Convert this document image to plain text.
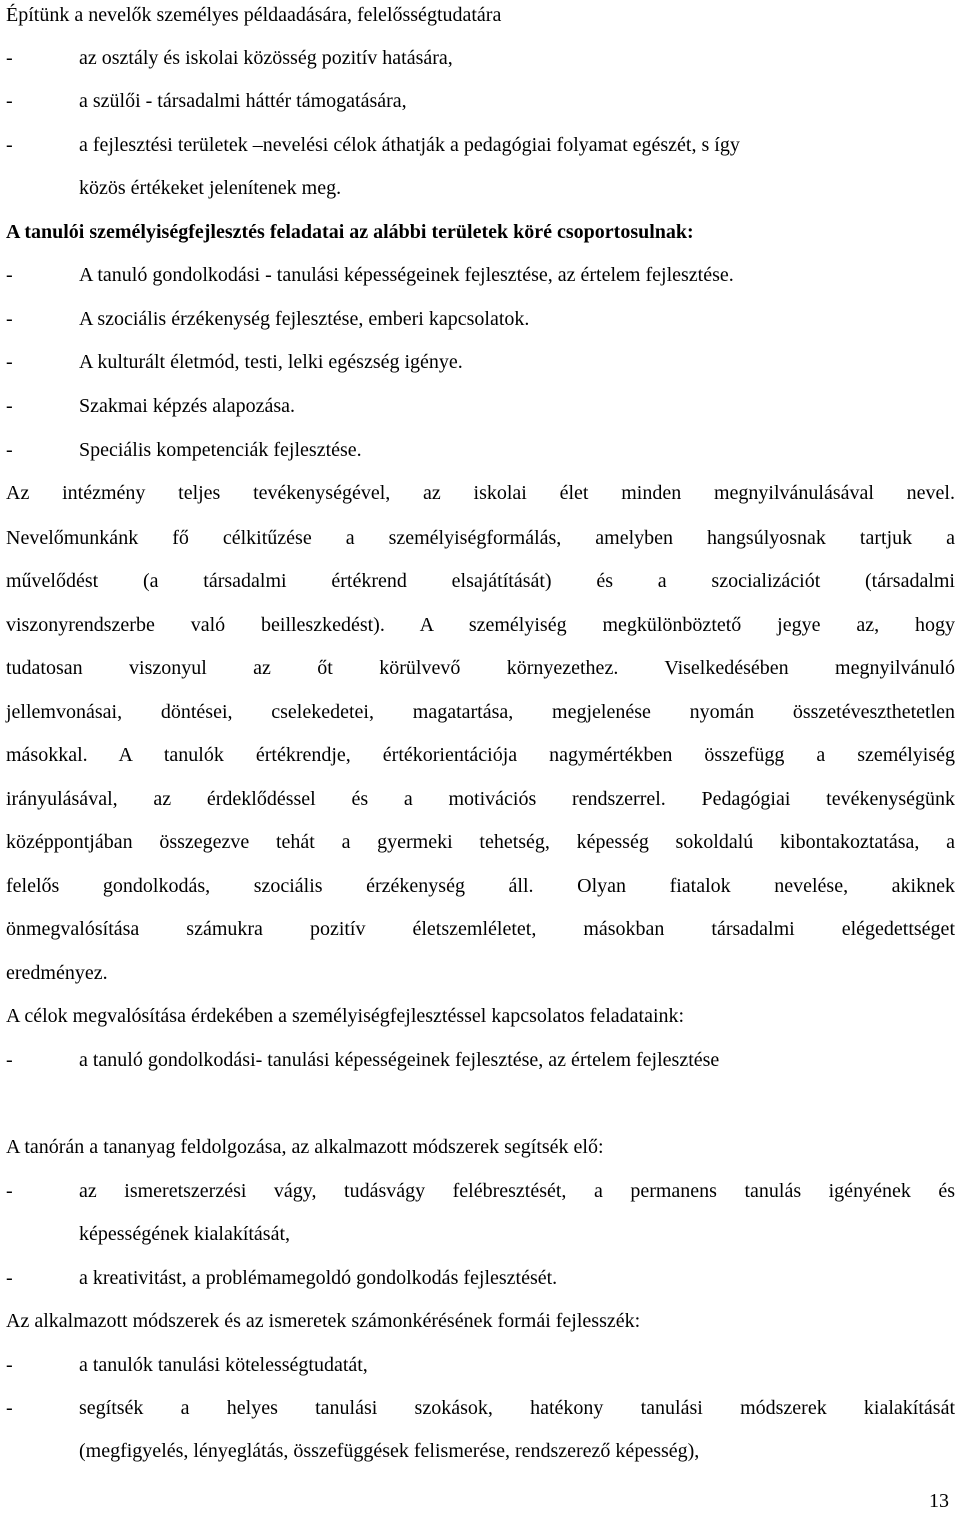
Építünk a nevelők személyes példaadására, felelősségtudatára
-	az osztály és iskolai közösség pozitív hatására,
-	a szülői - társadalmi háttér támogatására,
-	a fejlesztési területek –nevelési célok áthatják a pedagógiai folyamat egészét, s így
közös értékeket jelenítenek meg.
A tanulói személyiségfejlesztés feladatai az alábbi területek köré csoportosulnak:
-	A tanuló gondolkodási - tanulási képességeinek fejlesztése, az értelem fejlesztése.
-	A szociális érzékenység fejlesztése, emberi kapcsolatok.
-	A kulturált életmód, testi, lelki egészség igénye.
-	Szakmai képzés alapozása.
-	Speciális kompetenciák fejlesztése.
Az intézmény teljes tevékenységével, az iskolai élet minden megnyilvánulásával nevel.
Nevelőmunkánk fő célkitűzése a személyiségformálás, amelyben hangsúlyosnak tartjuk a
művelődést (a társadalmi értékrend elsajátítását) és a szocializációt (társadalmi
viszonyrendszerbe való beilleszkedést). A személyiség megkülönböztető jegye az, hogy
tudatosan viszonyul az őt körülvevő környezethez. Viselkedésében megnyilvánuló
jellemvonásai, döntései, cselekedetei, magatartása, megjelenése nyomán összetéveszthetetlen
másokkal. A tanulók értékrendje, értékorientációja nagymértékben összefügg a személyiség
irányulásával, az érdeklődéssel és a motivációs rendszerrel. Pedagógiai tevékenységünk
középpontjában összegezve tehát a gyermeki tehetség, képesség sokoldalú kibontakoztatása, a
felelős gondolkodás, szociális érzékenység áll. Olyan fiatalok nevelése, akiknek
önmegvalósítása számukra pozitív életszemléletet, másokban társadalmi elégedettséget
eredményez.
A célok megvalósítása érdekében a személyiségfejlesztéssel kapcsolatos feladataink:
-	a tanuló gondolkodási- tanulási képességeinek fejlesztése, az értelem fejlesztése
A tanórán a tananyag feldolgozása, az alkalmazott módszerek segítsék elő:
-	az ismeretszerzési vágy, tudásvágy felébresztését, a permanens tanulás igényének és
képességének kialakítását,
-	a kreativitást, a problémamegoldó gondolkodás fejlesztését.
Az alkalmazott módszerek és az ismeretek számonkérésének formái fejlesszék:
-	a tanulók tanulási kötelességtudatát,
-	segítsék a helyes tanulási szokások, hatékony tanulási módszerek kialakítását
(megfigyelés, lényeglátás, összefüggések felismerése, rendszerező képesség),
13
